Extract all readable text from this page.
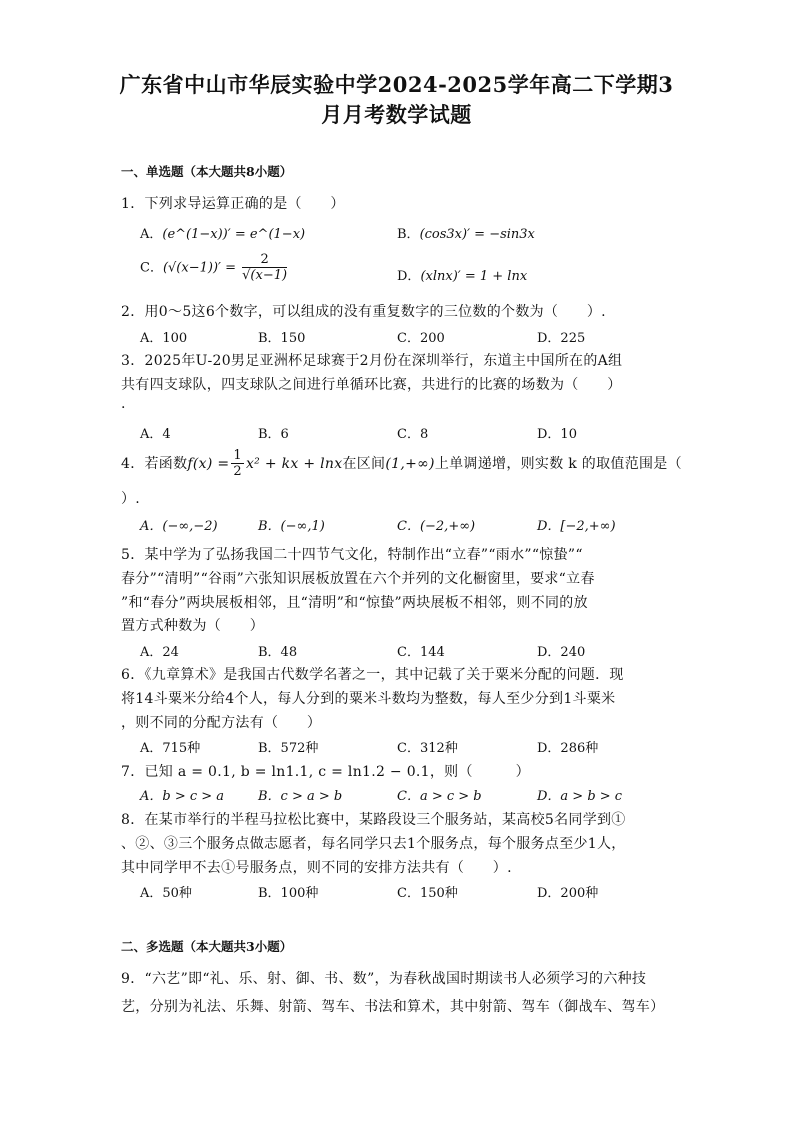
广东省中山市华辰实验中学2024-2025学年高二下学期3
月月考数学试题
一、单选题（本大题共8小题）
1．下列求导运算正确的是（　　）
A．(e^(1−x))′ = e^(1−x)	B．(cos3x)′ = −sin3x
C．$(√(x-1))' = \frac{2}{√(x-1)}$	D．(xlnx)′ = 1 + lnx
2．用0～5这6个数字，可以组成的没有重复数字的三位数的个数为（　　）.
A．100	B．150	C．200	D．225
3．2025年U-20男足亚洲杯足球赛于2月份在深圳举行，东道主中国所在的A组
共有四支球队，四支球队之间进行单循环比赛，共进行的比赛的场数为（　　）
.
A．4	B．6	C．8	D．10
4．若函数$f(x) = \frac{1}{2} x^2$ + kx + lnx在区间(1,+∞)上单调递增，则实数 k 的取值范围是（
）.
A．(−∞,−2)	B．(−∞,1)	C．(−2,+∞)	D．[−2,+∞)
5．某中学为了弘扬我国二十四节气文化，特制作出“立春”“雨水”“惊蛰”“
春分”“清明”“谷雨”六张知识展板放置在六个并列的文化橱窗里，要求“立春
”和“春分”两块展板相邻，且“清明”和“惊蛰”两块展板不相邻，则不同的放
置方式种数为（　　）
A．24	B．48	C．144	D．240
6．《九章算术》是我国古代数学名著之一，其中记载了关于粟米分配的问题．现
将14斗粟米分给4个人，每人分到的粟米斗数均为整数，每人至少分到1斗粟米
，则不同的分配方法有（　　）
A．715种	B．572种	C．312种	D．286种
7．已知 a = 0.1, b = ln1.1, c = ln1.2 − 0.1，则（　　　）
A．b > c > a	B．c > a > b	C．a > c > b	D．a > b > c
8．在某市举行的半程马拉松比赛中，某路段设三个服务站，某高校5名同学到①
、②、③三个服务点做志愿者，每名同学只去1个服务点，每个服务点至少1人，
其中同学甲不去①号服务点，则不同的安排方法共有（　　）.
A．50种	B．100种	C．150种	D．200种
二、多选题（本大题共3小题）
9．“六艺”即“礼、乐、射、御、书、数”，为春秋战国时期读书人必须学习的六种技
艺，分别为礼法、乐舞、射箭、驾车、书法和算术，其中射箭、驾车（御战车、驾车）
